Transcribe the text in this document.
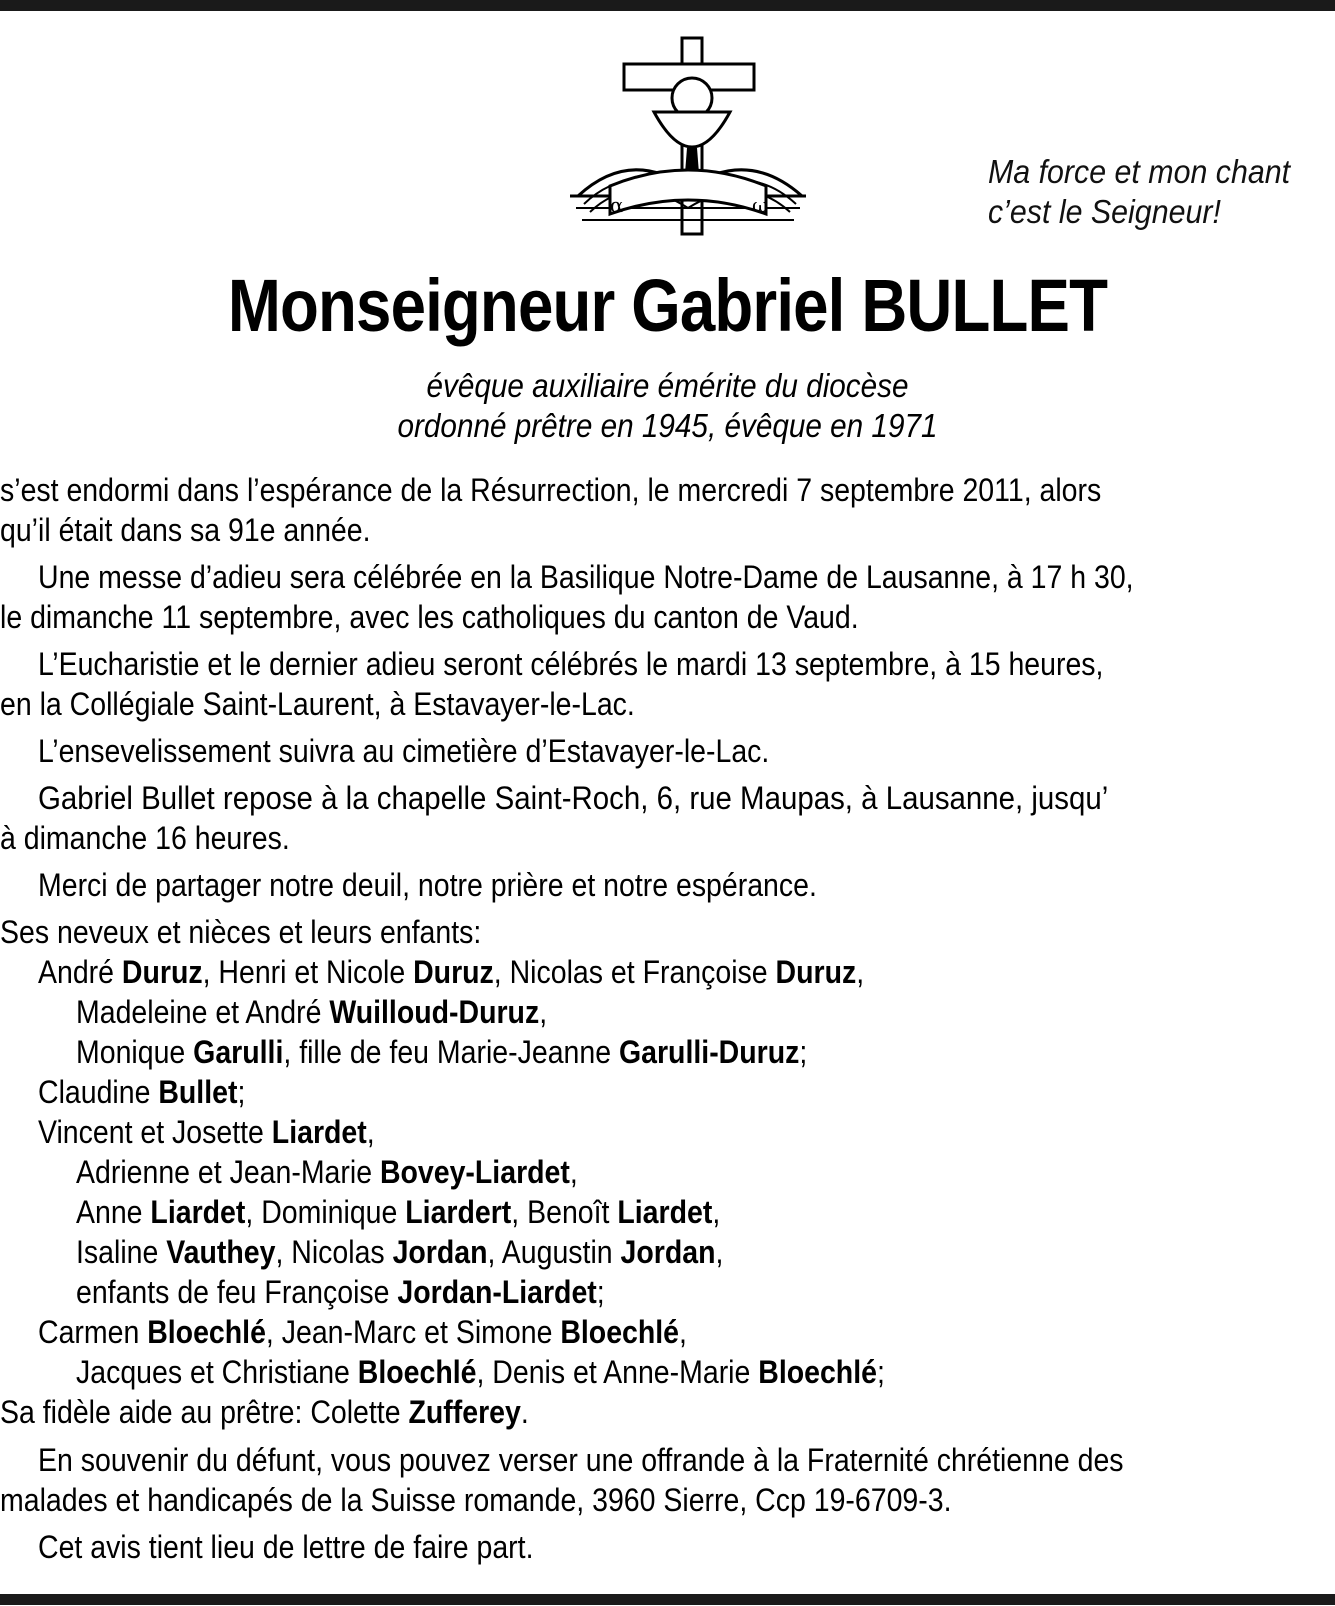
α	ω
Ma force et mon chant
c’est le Seigneur!
Monseigneur Gabriel BULLET
évêque auxiliaire émérite du diocèse
ordonné prêtre en 1945, évêque en 1971

s’est endormi dans l’espérance de la Résurrection, le mercredi 7 septembre 2011, alors

qu’il était dans sa 91e année.

Une messe d’adieu sera célébrée en la Basilique Notre-Dame de Lausanne, à 17 h 30,

le dimanche 11 septembre, avec les catholiques du canton de Vaud.

L’Eucharistie et le dernier adieu seront célébrés le mardi 13 septembre, à 15 heures,

en la Collégiale Saint-Laurent, à Estavayer-le-Lac.

L’ensevelissement suivra au cimetière d’Estavayer-le-Lac.

Gabriel Bullet repose à la chapelle Saint-Roch, 6, rue Maupas, à Lausanne, jusqu’

à dimanche 16 heures.

Merci de partager notre deuil, notre prière et notre espérance.

Ses neveux et nièces et leurs enfants:

André Duruz, Henri et Nicole Duruz, Nicolas et Françoise Duruz,

Madeleine et André Wuilloud-Duruz,

Monique Garulli, fille de feu Marie-Jeanne Garulli-Duruz;

Claudine Bullet;

Vincent et Josette Liardet,

Adrienne et Jean-Marie Bovey-Liardet,

Anne Liardet, Dominique Liardert, Benoît Liardet,

Isaline Vauthey, Nicolas Jordan, Augustin Jordan,

enfants de feu Françoise Jordan-Liardet;

Carmen Bloechlé, Jean-Marc et Simone Bloechlé,

Jacques et Christiane Bloechlé, Denis et Anne-Marie Bloechlé;

Sa fidèle aide au prêtre: Colette Zufferey.

En souvenir du défunt, vous pouvez verser une offrande à la Fraternité chrétienne des

malades et handicapés de la Suisse romande, 3960 Sierre, Ccp 19-6709-3.

Cet avis tient lieu de lettre de faire part.
